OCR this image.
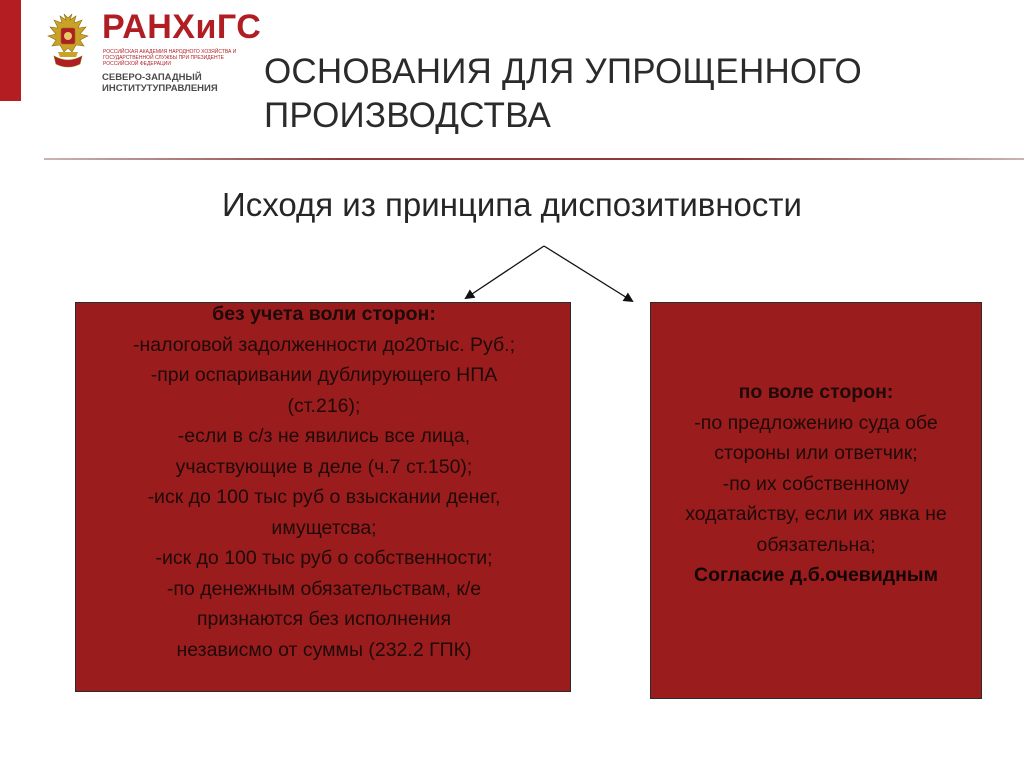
РАНХиГС
РОССИЙСКАЯ АКАДЕМИЯ НАРОДНОГО ХОЗЯЙСТВА И ГОСУДАРСТВЕННОЙ СЛУЖБЫ ПРИ ПРЕЗИДЕНТЕ РОССИЙСКОЙ ФЕДЕРАЦИИ
СЕВЕРО-ЗАПАДНЫЙ
ИНСТИТУТУПРАВЛЕНИЯ ОСНОВАНИЯ ДЛЯ УПРОЩЕННОГО ПРОИЗВОДСТВА
Исходя из принципа диспозитивности
без учета воли сторон:
-налоговой задолженности до20тыс. Руб.;
-при оспаривании дублирующего НПА
(ст.216);
-если в с/з не явились все лица,
участвующие в деле (ч.7 ст.150);
-иск до 100 тыс руб о взыскании денег,
имущетсва;
-иск до 100 тыс руб о собственности;
-по денежным обязательствам, к/е
признаются без исполнения
независмо от суммы (232.2 ГПК)
по воле сторон:
-по предложению суда обе
стороны или ответчик;
-по их собственному
ходатайству, если их явка не
обязательна;
Согласие д.б.очевидным
